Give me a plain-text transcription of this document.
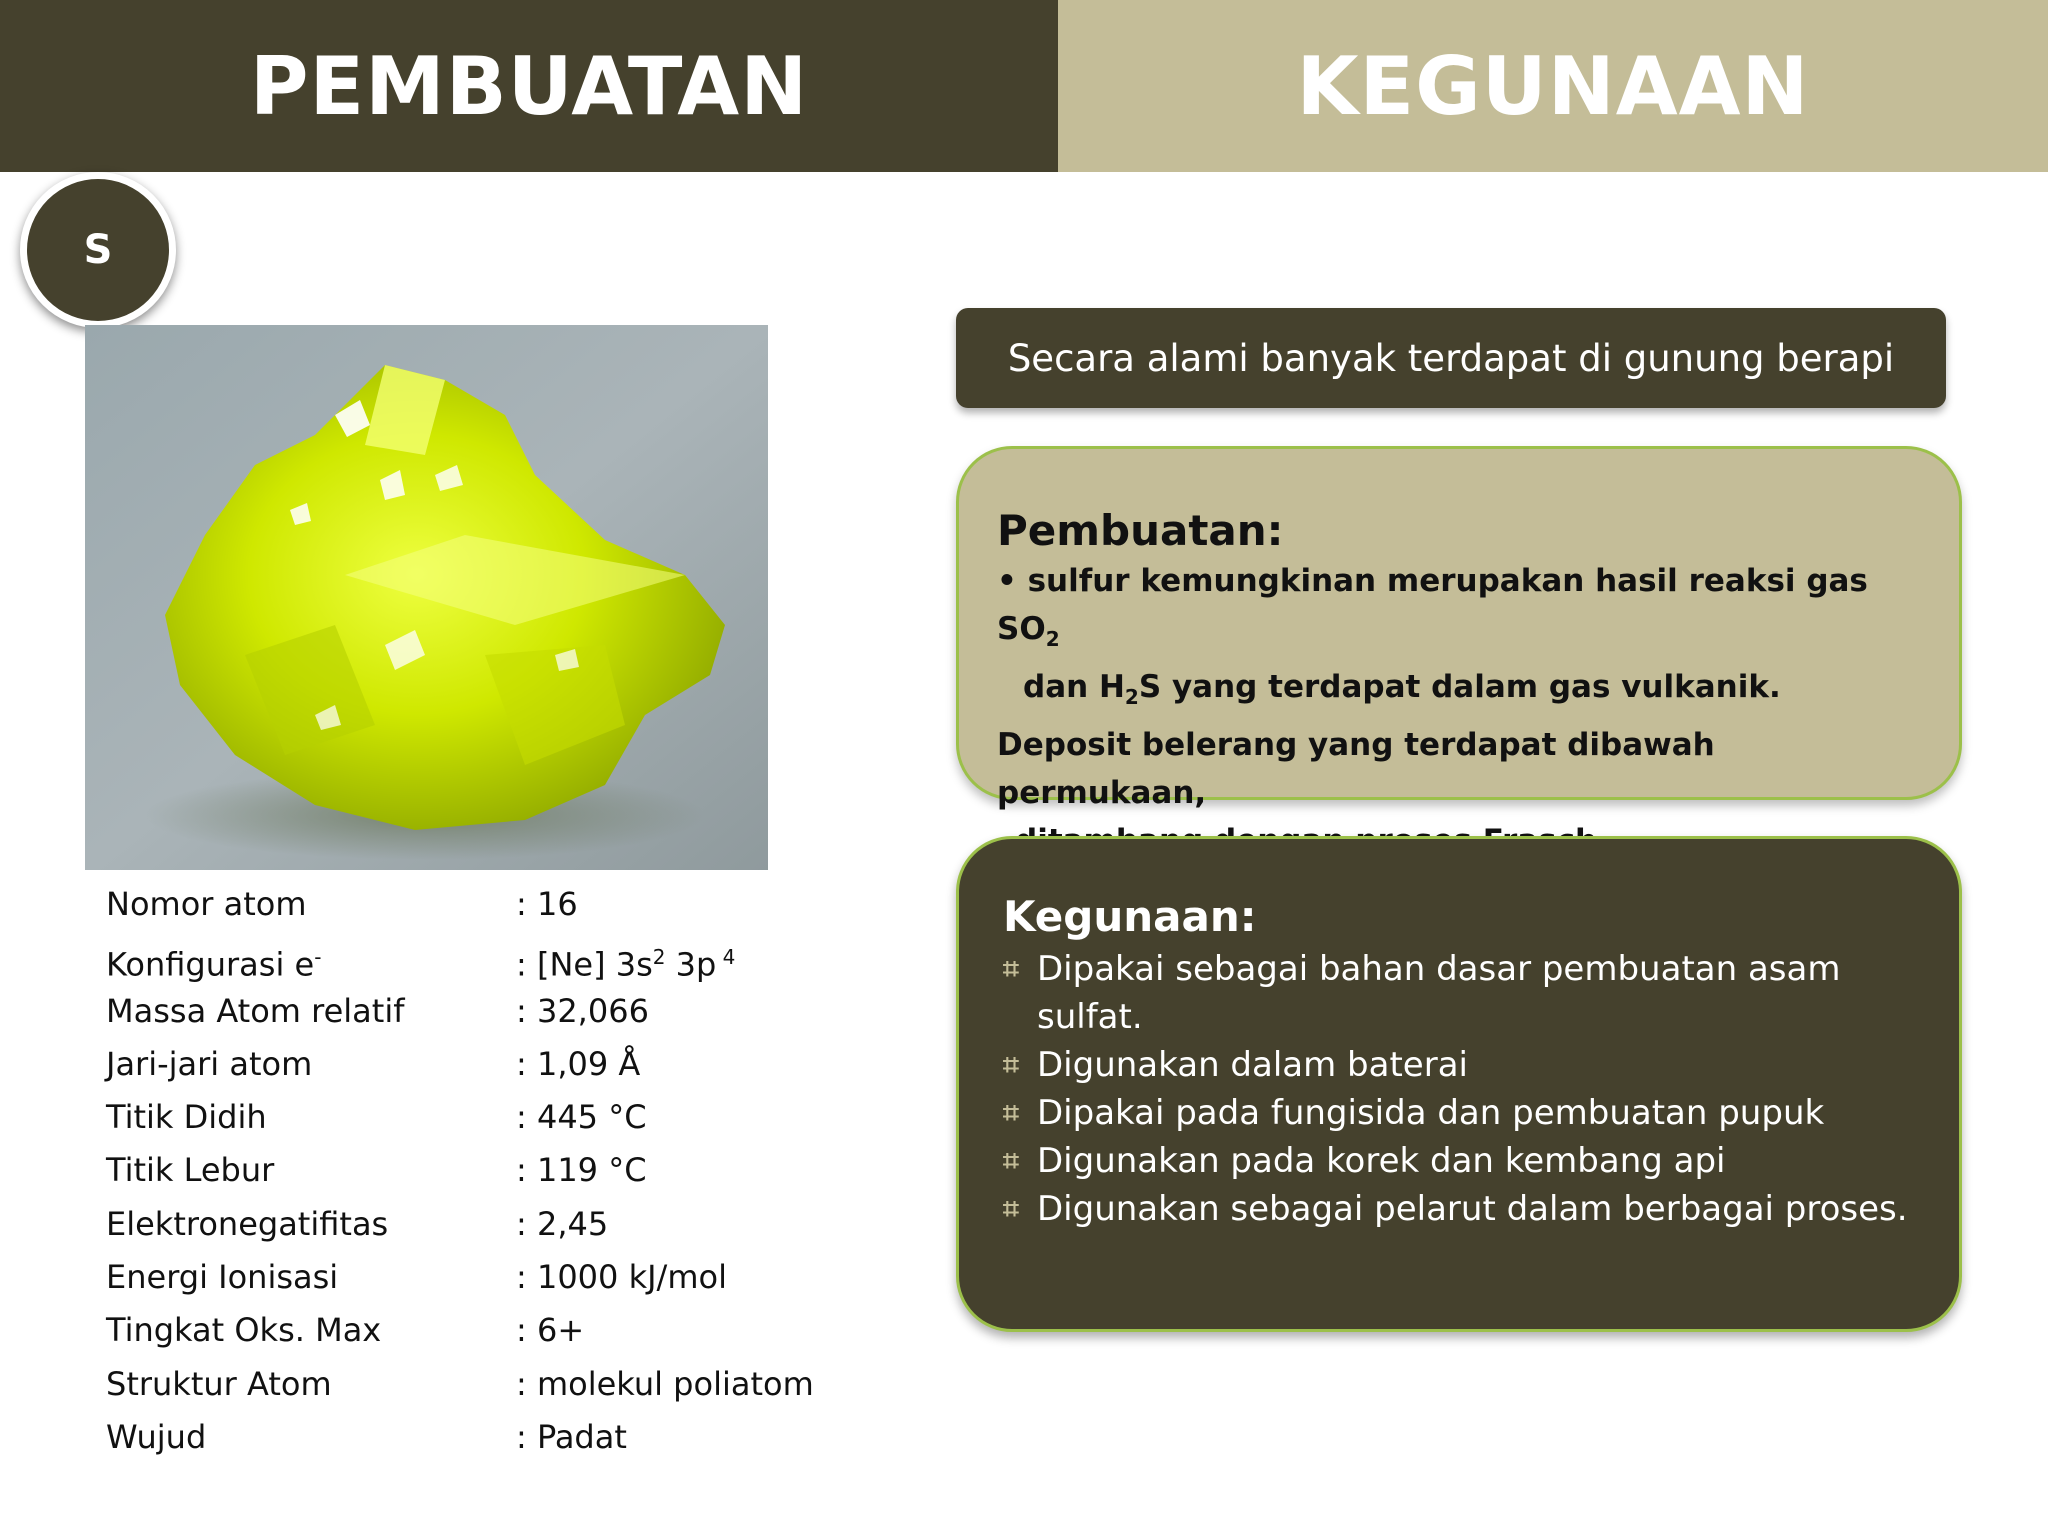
PEMBUATAN	KEGUNAAN
S
Nomor atom	: 16
Konfigurasi e-	: [Ne] $3s^2$ 3p $^4$
Massa Atom relatif	: 32,066
Jari-jari atom	: 1,09 Å
Titik Didih	: 445 °C
Titik Lebur	: 119 °C
Elektronegatifitas	: 2,45
Energi Ionisasi	: 1000 kJ/mol
Tingkat Oks. Max	: 6+
Struktur Atom	: molekul poliatom
Wujud	: Padat
Secara alami banyak terdapat di gunung berapi
Pembuatan:
• sulfur kemungkinan merupakan hasil reaksi gas $SO_2$
dan $H_2S$ yang terdapat dalam gas vulkanik.
Deposit belerang yang terdapat dibawah permukaan,
Kegunaan:
⌗ Dipakai sebagai bahan dasar pembuatan asam sulfat.
⌗ Digunakan dalam baterai
⌗ Dipakai pada fungisida dan pembuatan pupuk
⌗ Digunakan pada korek dan kembang api
⌗ Digunakan sebagai pelarut dalam berbagai proses.
